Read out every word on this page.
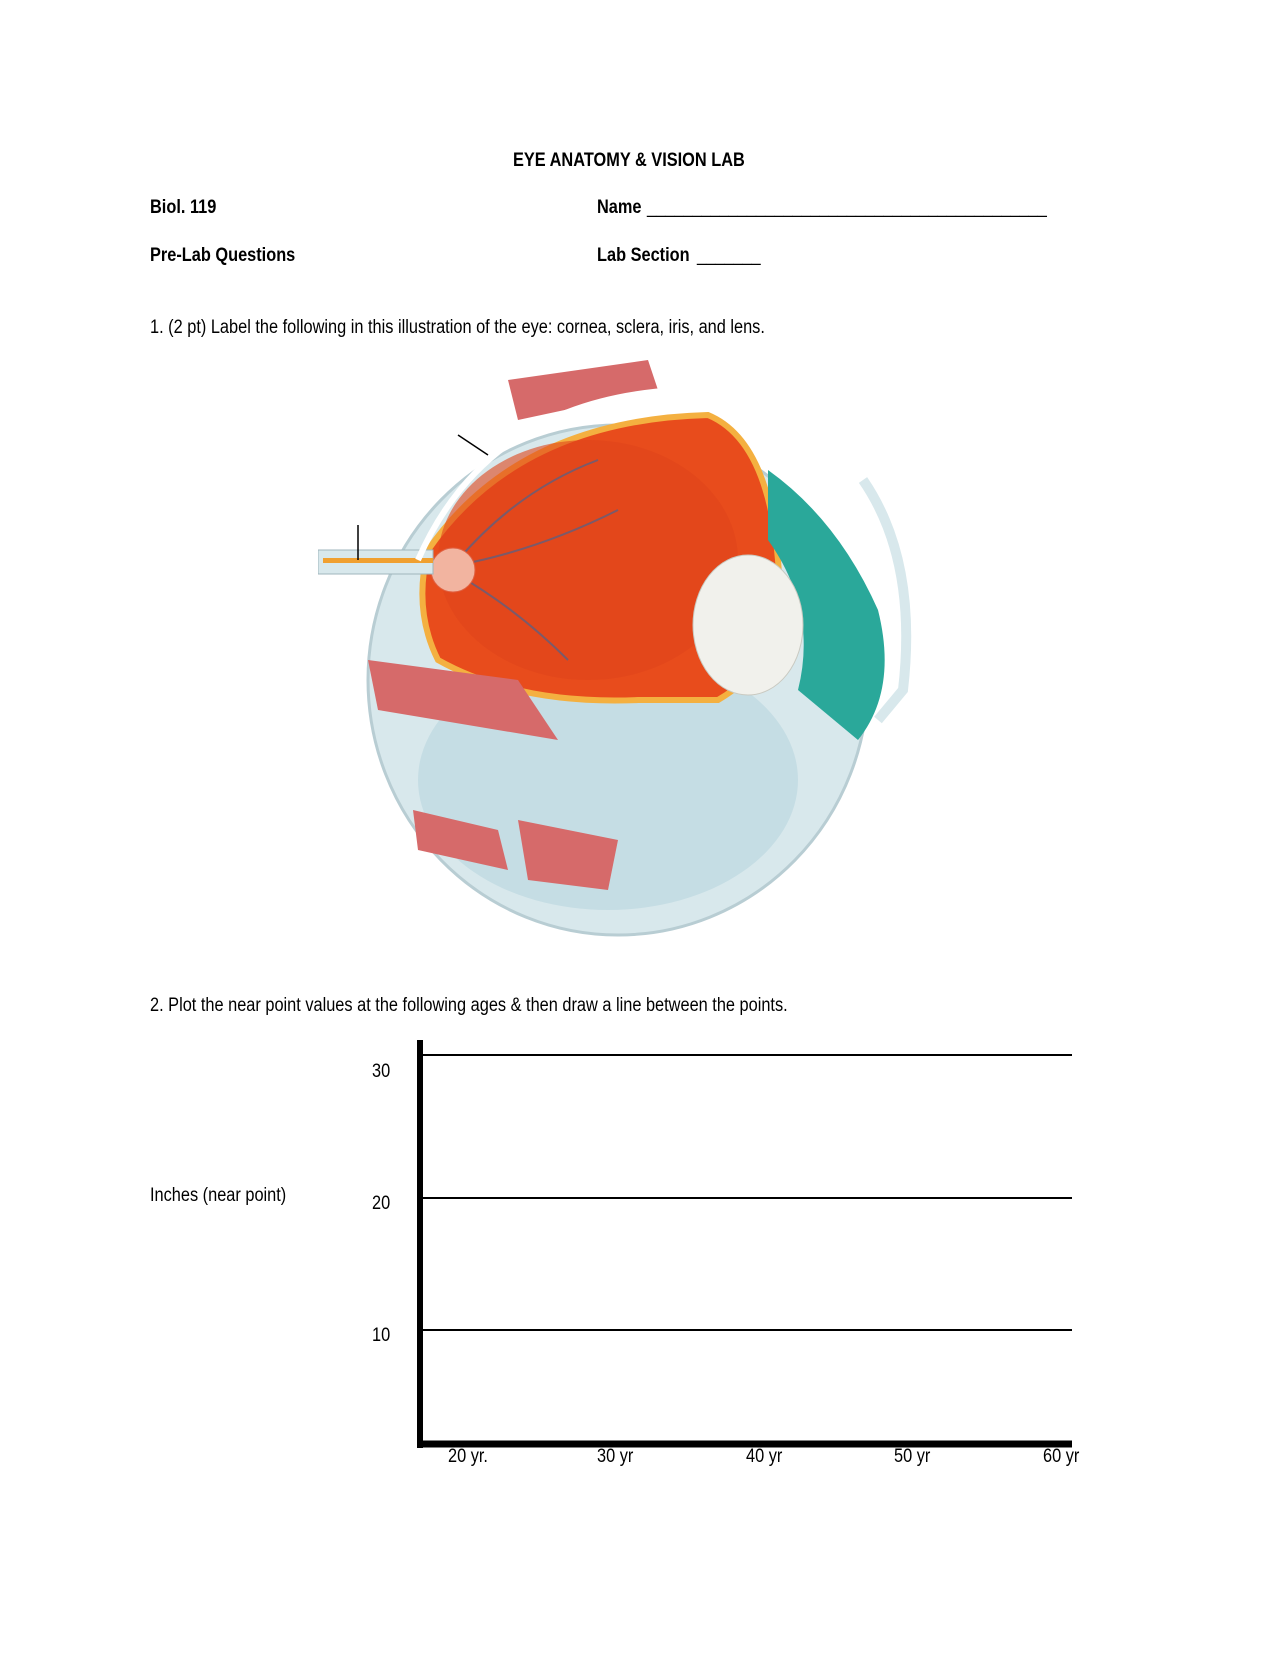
EYE ANATOMY & VISION LAB
Biol. 119	Name ____________________________________________
Pre-Lab Questions	Lab Section _______
1. (2 pt) Label the following in this illustration of the eye: cornea, sclera, iris, and lens.
2. Plot the near point values at the following ages & then draw a line between the points.
Inches (near point)
10
20
30
20 yr.	30 yr	40 yr	50 yr	60 yr
